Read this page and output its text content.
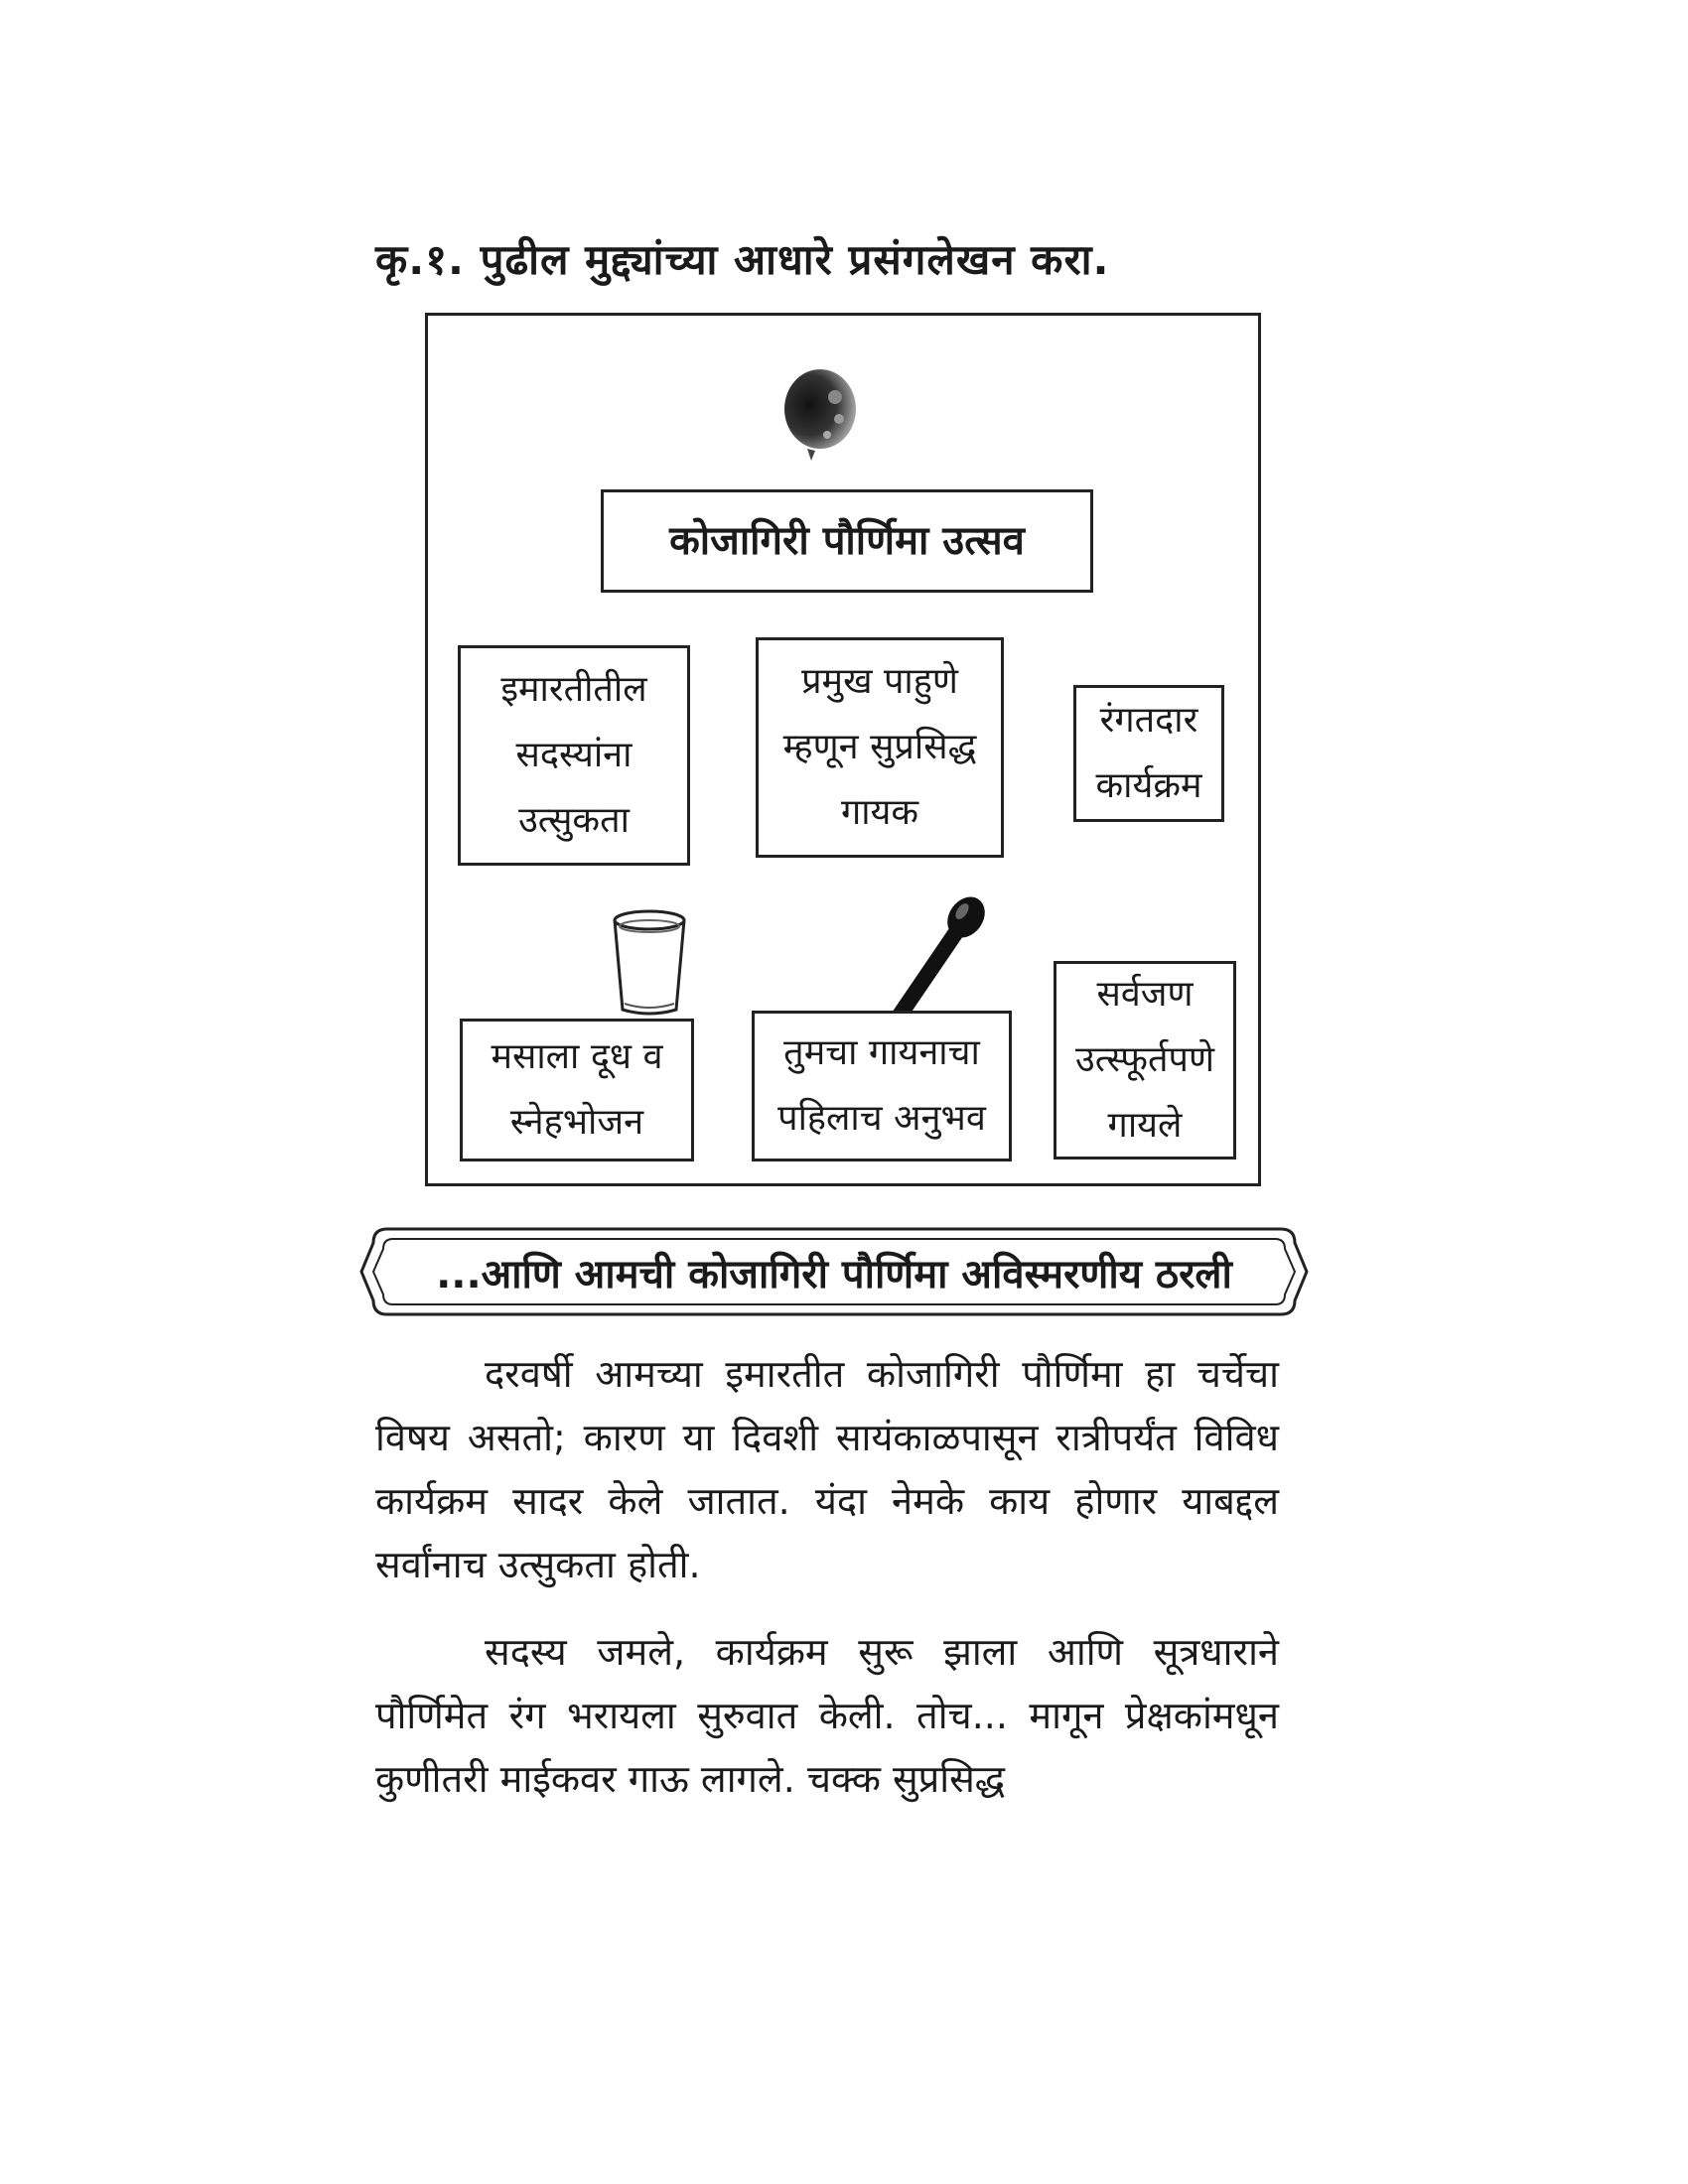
कृ.१. पुढील मुद्द्यांच्या आधारे प्रसंगलेखन करा.
कोजागिरी पौर्णिमा उत्सव
इमारतीतील
सदस्यांना
उत्सुकता
प्रमुख पाहुणे
म्हणून सुप्रसिद्ध
गायक
रंगतदार
कार्यक्रम
मसाला दूध व
स्नेहभोजन
तुमचा गायनाचा
पहिलाच अनुभव
सर्वजण
उत्स्फूर्तपणे
गायले
...आणि आमची कोजागिरी पौर्णिमा अविस्मरणीय ठरली

दरवर्षी आमच्या इमारतीत कोजागिरी पौर्णिमा हा चर्चेचा विषय असतो; कारण या दिवशी सायंकाळपासून रात्रीपर्यंत विविध कार्यक्रम सादर केले जातात. यंदा नेमके काय होणार याबद्दल सर्वांनाच उत्सुकता होती.

सदस्य जमले, कार्यक्रम सुरू झाला आणि सूत्रधाराने पौर्णिमेत रंग भरायला सुरुवात केली. तोच... मागून प्रेक्षकांमधून कुणीतरी माईकवर गाऊ लागले. चक्क सुप्रसिद्ध
